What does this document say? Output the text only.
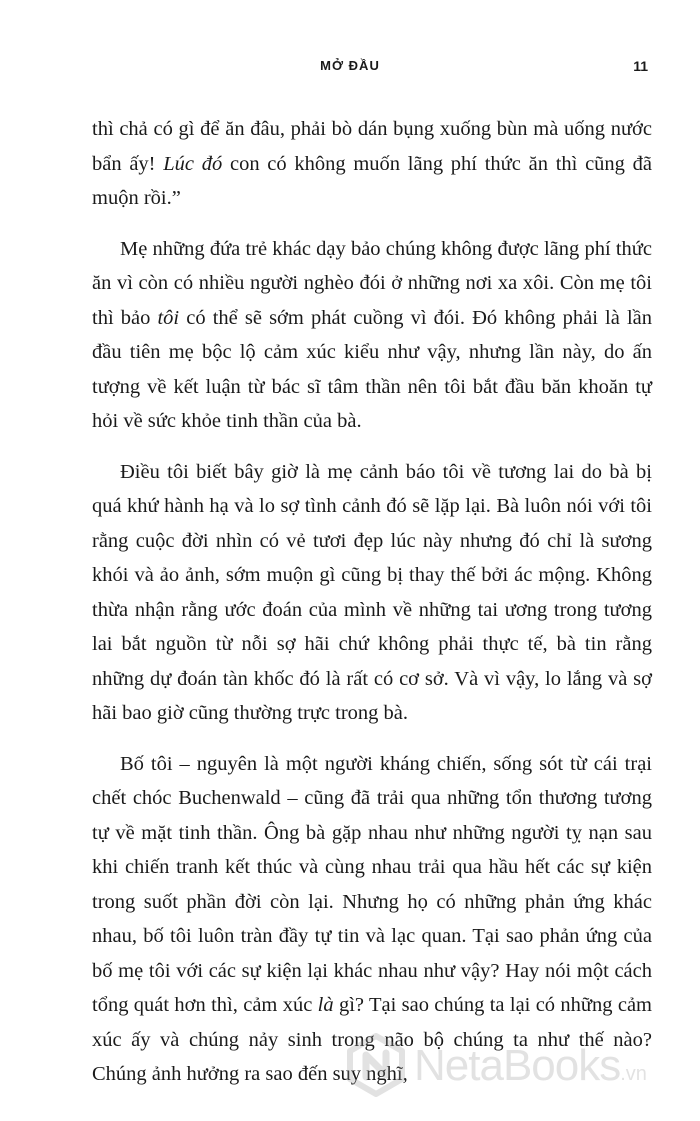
MỞ ĐẦU	11

thì chả có gì để ăn đâu, phải bò dán bụng xuống bùn mà uống nước bẩn ấy! Lúc đó con có không muốn lãng phí thức ăn thì cũng đã muộn rồi.”

Mẹ những đứa trẻ khác dạy bảo chúng không được lãng phí thức ăn vì còn có nhiều người nghèo đói ở những nơi xa xôi. Còn mẹ tôi thì bảo tôi có thể sẽ sớm phát cuồng vì đói. Đó không phải là lần đầu tiên mẹ bộc lộ cảm xúc kiểu như vậy, nhưng lần này, do ấn tượng về kết luận từ bác sĩ tâm thần nên tôi bắt đầu băn khoăn tự hỏi về sức khỏe tinh thần của bà.

Điều tôi biết bây giờ là mẹ cảnh báo tôi về tương lai do bà bị quá khứ hành hạ và lo sợ tình cảnh đó sẽ lặp lại. Bà luôn nói với tôi rằng cuộc đời nhìn có vẻ tươi đẹp lúc này nhưng đó chỉ là sương khói và ảo ảnh, sớm muộn gì cũng bị thay thế bởi ác mộng. Không thừa nhận rằng ước đoán của mình về những tai ương trong tương lai bắt nguồn từ nỗi sợ hãi chứ không phải thực tế, bà tin rằng những dự đoán tàn khốc đó là rất có cơ sở. Và vì vậy, lo lắng và sợ hãi bao giờ cũng thường trực trong bà.

Bố tôi – nguyên là một người kháng chiến, sống sót từ cái trại chết chóc Buchenwald – cũng đã trải qua những tổn thương tương tự về mặt tinh thần. Ông bà gặp nhau như những người tỵ nạn sau khi chiến tranh kết thúc và cùng nhau trải qua hầu hết các sự kiện trong suốt phần đời còn lại. Nhưng họ có những phản ứng khác nhau, bố tôi luôn tràn đầy tự tin và lạc quan. Tại sao phản ứng của bố mẹ tôi với các sự kiện lại khác nhau như vậy? Hay nói một cách tổng quát hơn thì, cảm xúc là gì? Tại sao chúng ta lại có những cảm xúc ấy và chúng nảy sinh trong não bộ chúng ta như thế nào? Chúng ảnh hưởng ra sao đến suy nghĩ, NetaBooks.vn
